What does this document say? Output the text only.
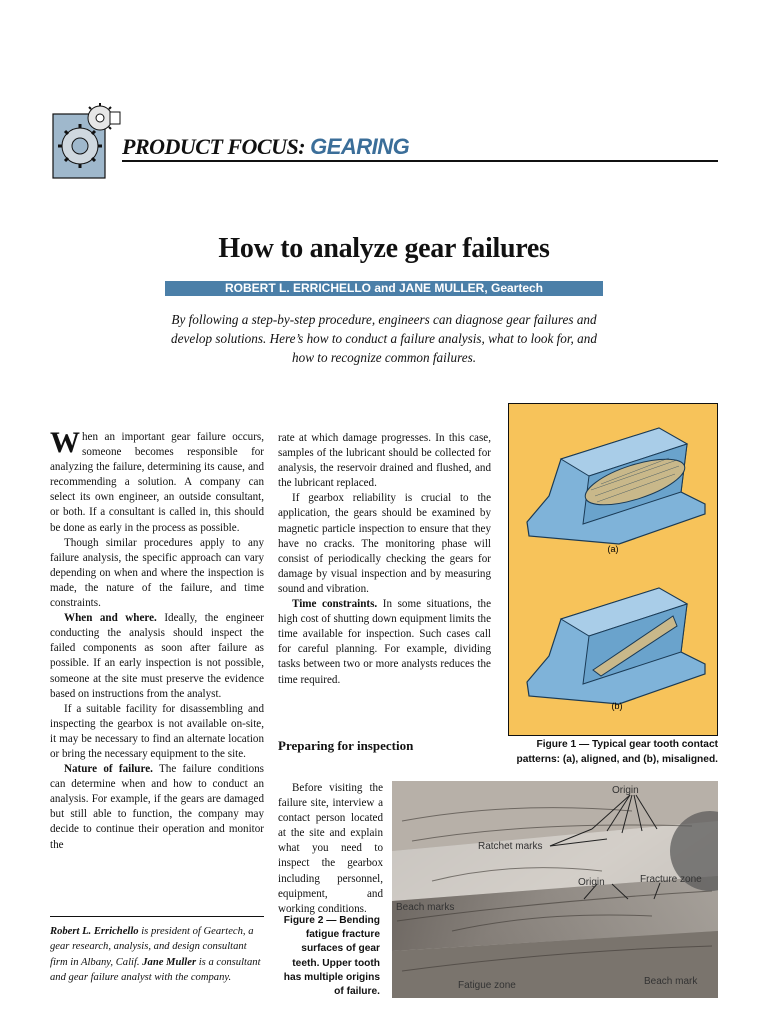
PRODUCT FOCUS: GEARING
How to analyze gear failures
ROBERT L. ERRICHELLO and JANE MULLER, Geartech
By following a step-by-step procedure, engineers can diagnose gear failures and develop solutions. Here’s how to conduct a failure analysis, what to look for, and how to recognize common failures.

When an important gear failure occurs, someone becomes responsible for analyzing the failure, determining its cause, and recommending a solution. A company can select its own engineer, an outside consultant, or both. If a consultant is called in, this should be done as early in the process as possible.

Though similar procedures apply to any failure analysis, the specific approach can vary depending on when and where the inspection is made, the nature of the failure, and time constraints.

When and where. Ideally, the engineer conducting the analysis should inspect the failed components as soon after failure as possible. If an early inspection is not possible, someone at the site must preserve the evidence based on instructions from the analyst.

If a suitable facility for disassembling and inspecting the gearbox is not available on-site, it may be necessary to find an alternate location or bring the necessary equipment to the site.

Nature of failure. The failure conditions can determine when and how to conduct an analysis. For example, if the gears are damaged but still able to function, the company may decide to continue their operation and monitor the

rate at which damage progresses. In this case, samples of the lubricant should be collected for analysis, the reservoir drained and flushed, and the lubricant replaced.

If gearbox reliability is crucial to the application, the gears should be examined by magnetic particle inspection to ensure that they have no cracks. The monitoring phase will consist of periodically checking the gears for damage by visual inspection and by measuring sound and vibration.

Time constraints. In some situations, the high cost of shutting down equipment limits the time available for inspection. Such cases call for careful planning. For example, dividing tasks between two or more analysts reduces the time required.

Preparing for inspection

Before visiting the failure site, interview a contact person located at the site and explain what you need to inspect the gearbox including personnel, equipment, and working conditions.

Robert L. Errichello is president of Geartech, a gear research, analysis, and design consultant firm in Albany, Calif. Jane Muller is a consultant and gear failure analyst with the company.
(a)
(b)
Figure 1 — Typical gear tooth contact patterns: (a), aligned, and (b), misaligned.
Origin
Ratchet marks
Origin	Fracture zone
Beach marks
Fatigue zone	Beach mark
Figure 2 — Bending fatigue fracture surfaces of gear teeth. Upper tooth has multiple origins of failure.
